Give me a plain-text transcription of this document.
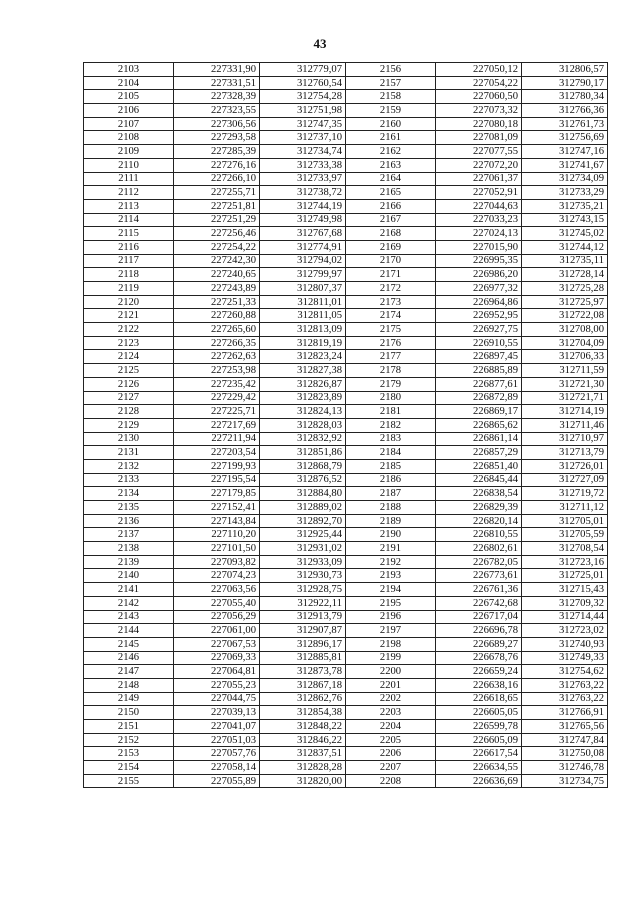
43
2103	227331,90	312779,07	2156	227050,12	312806,57
2104	227331,51	312760,54	2157	227054,22	312790,17
2105	227328,39	312754,28	2158	227060,50	312780,34
2106	227323,55	312751,98	2159	227073,32	312766,36
2107	227306,56	312747,35	2160	227080,18	312761,73
2108	227293,58	312737,10	2161	227081,09	312756,69
2109	227285,39	312734,74	2162	227077,55	312747,16
2110	227276,16	312733,38	2163	227072,20	312741,67
2111	227266,10	312733,97	2164	227061,37	312734,09
2112	227255,71	312738,72	2165	227052,91	312733,29
2113	227251,81	312744,19	2166	227044,63	312735,21
2114	227251,29	312749,98	2167	227033,23	312743,15
2115	227256,46	312767,68	2168	227024,13	312745,02
2116	227254,22	312774,91	2169	227015,90	312744,12
2117	227242,30	312794,02	2170	226995,35	312735,11
2118	227240,65	312799,97	2171	226986,20	312728,14
2119	227243,89	312807,37	2172	226977,32	312725,28
2120	227251,33	312811,01	2173	226964,86	312725,97
2121	227260,88	312811,05	2174	226952,95	312722,08
2122	227265,60	312813,09	2175	226927,75	312708,00
2123	227266,35	312819,19	2176	226910,55	312704,09
2124	227262,63	312823,24	2177	226897,45	312706,33
2125	227253,98	312827,38	2178	226885,89	312711,59
2126	227235,42	312826,87	2179	226877,61	312721,30
2127	227229,42	312823,89	2180	226872,89	312721,71
2128	227225,71	312824,13	2181	226869,17	312714,19
2129	227217,69	312828,03	2182	226865,62	312711,46
2130	227211,94	312832,92	2183	226861,14	312710,97
2131	227203,54	312851,86	2184	226857,29	312713,79
2132	227199,93	312868,79	2185	226851,40	312726,01
2133	227195,54	312876,52	2186	226845,44	312727,09
2134	227179,85	312884,80	2187	226838,54	312719,72
2135	227152,41	312889,02	2188	226829,39	312711,12
2136	227143,84	312892,70	2189	226820,14	312705,01
2137	227110,20	312925,44	2190	226810,55	312705,59
2138	227101,50	312931,02	2191	226802,61	312708,54
2139	227093,82	312933,09	2192	226782,05	312723,16
2140	227074,23	312930,73	2193	226773,61	312725,01
2141	227063,56	312928,75	2194	226761,36	312715,43
2142	227055,40	312922,11	2195	226742,68	312709,32
2143	227056,29	312913,79	2196	226717,04	312714,44
2144	227061,00	312907,87	2197	226696,78	312723,02
2145	227067,53	312896,17	2198	226689,27	312740,93
2146	227069,33	312885,81	2199	226678,76	312749,33
2147	227064,81	312873,78	2200	226659,24	312754,62
2148	227055,23	312867,18	2201	226638,16	312763,22
2149	227044,75	312862,76	2202	226618,65	312763,22
2150	227039,13	312854,38	2203	226605,05	312766,91
2151	227041,07	312848,22	2204	226599,78	312765,56
2152	227051,03	312846,22	2205	226605,09	312747,84
2153	227057,76	312837,51	2206	226617,54	312750,08
2154	227058,14	312828,28	2207	226634,55	312746,78
2155	227055,89	312820,00	2208	226636,69	312734,75
